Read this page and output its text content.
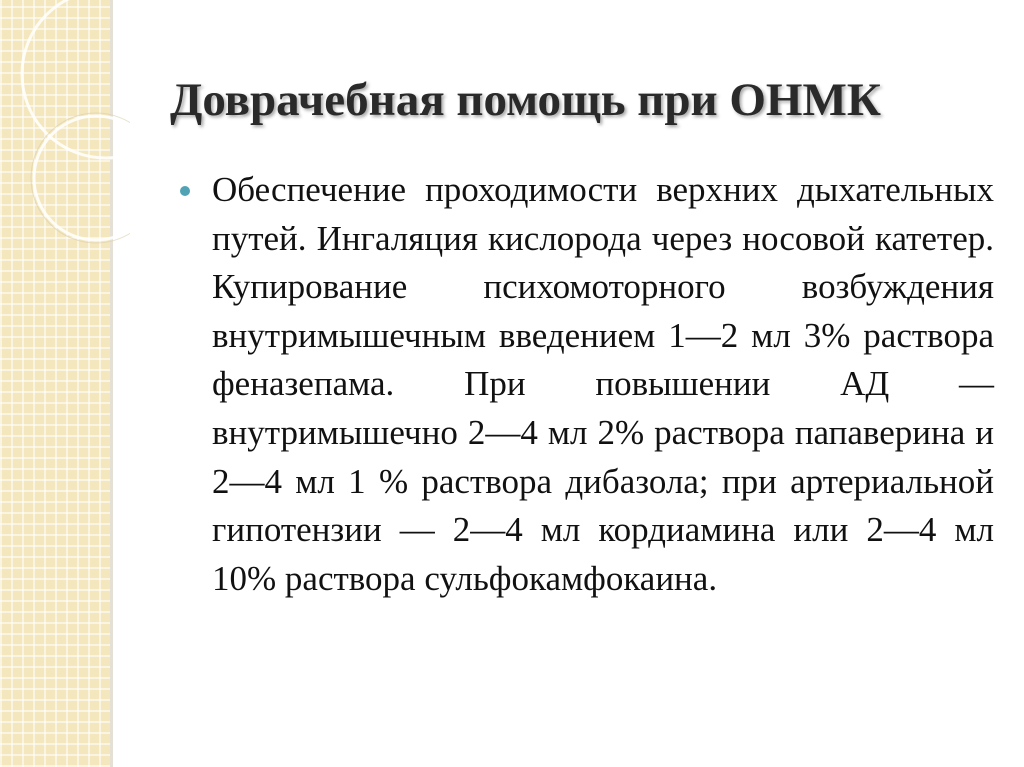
Доврачебная помощь при ОНМК

Обеспечение проходимости верхних дыхательных путей. Ингаляция кислорода через носовой катетер. Купирование психомоторного возбуждения внутримышечным введением 1—2 мл 3% раствора феназепама. При повышении АД — внутримышечно 2—4 мл 2% раствора папаверина и 2—4 мл 1 % раствора дибазола; при артериальной гипотензии — 2—4 мл кордиамина или 2—4 мл 10% раствора сульфокамфокаина.
